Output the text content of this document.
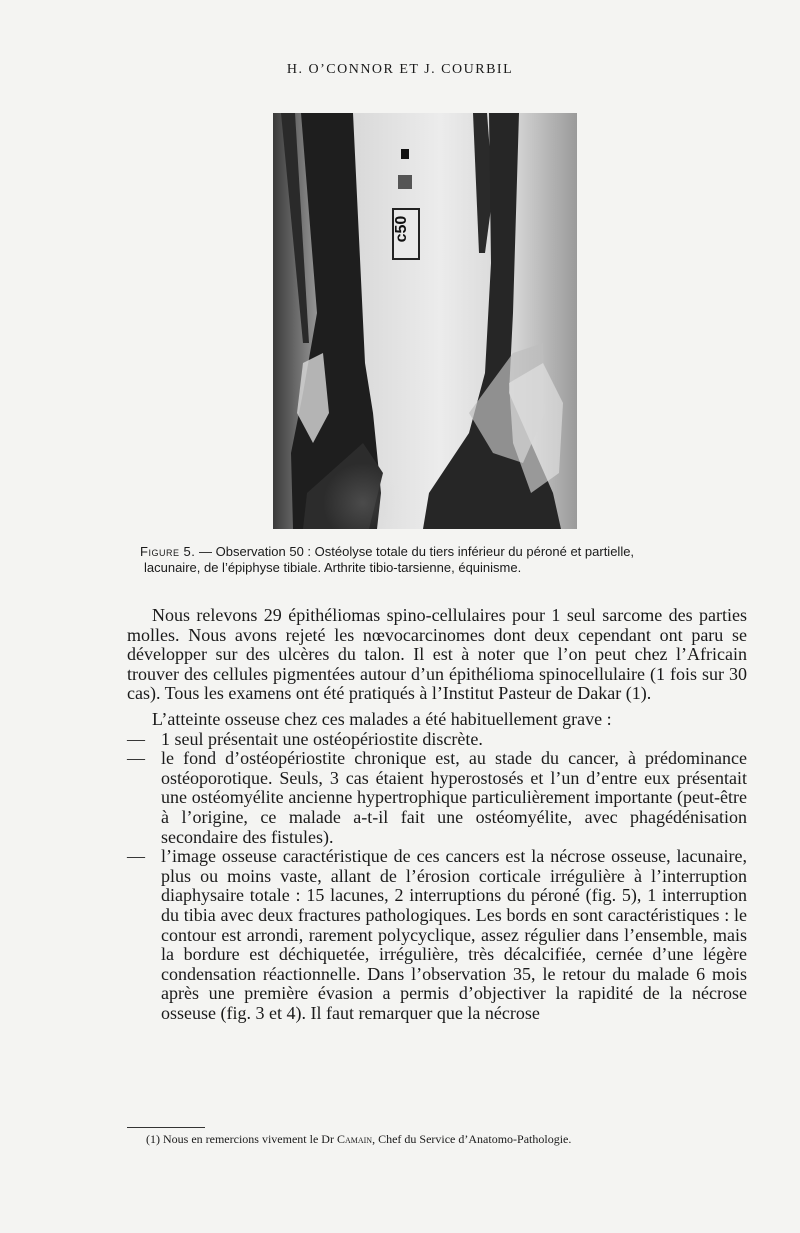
H. O’CONNOR ET J. COURBIL
c50
Figure 5. — Observation 50 : Ostéolyse totale du tiers inférieur du péroné et partielle,
lacunaire, de l’épiphyse tibiale. Arthrite tibio-tarsienne, équinisme.

Nous relevons 29 épithéliomas spino-cellulaires pour 1 seul sarcome des parties molles. Nous avons rejeté les nœvocarcinomes dont deux cependant ont paru se développer sur des ulcères du talon. Il est à noter que l’on peut chez l’Africain trouver des cellules pigmentées autour d’un épithélioma spinocellulaire (1 fois sur 30 cas). Tous les examens ont été pratiqués à l’Institut Pasteur de Dakar (1).

L’atteinte osseuse chez ces malades a été habituellement grave :

— 1 seul présentait une ostéopériostite discrète.

— le fond d’ostéopériostite chronique est, au stade du cancer, à prédominance ostéoporotique. Seuls, 3 cas étaient hyperostosés et l’un d’entre eux présentait une ostéomyélite ancienne hypertrophique particulièrement importante (peut-être à l’origine, ce malade a-t-il fait une ostéomyélite, avec phagédénisation secondaire des fistules).

— l’image osseuse caractéristique de ces cancers est la nécrose osseuse, lacunaire, plus ou moins vaste, allant de l’érosion corticale irrégulière à l’interruption diaphysaire totale : 15 lacunes, 2 interruptions du péroné (fig. 5), 1 interruption du tibia avec deux fractures pathologiques. Les bords en sont caractéristiques : le contour est arrondi, rarement polycyclique, assez régulier dans l’ensemble, mais la bordure est déchiquetée, irrégulière, très décalcifiée, cernée d’une légère condensation réactionnelle. Dans l’observation 35, le retour du malade 6 mois après une première évasion a permis d’objectiver la rapidité de la nécrose osseuse (fig. 3 et 4). Il faut remarquer que la nécrose

(1) Nous en remercions vivement le Dr Camain, Chef du Service d’Anatomo-Pathologie.
